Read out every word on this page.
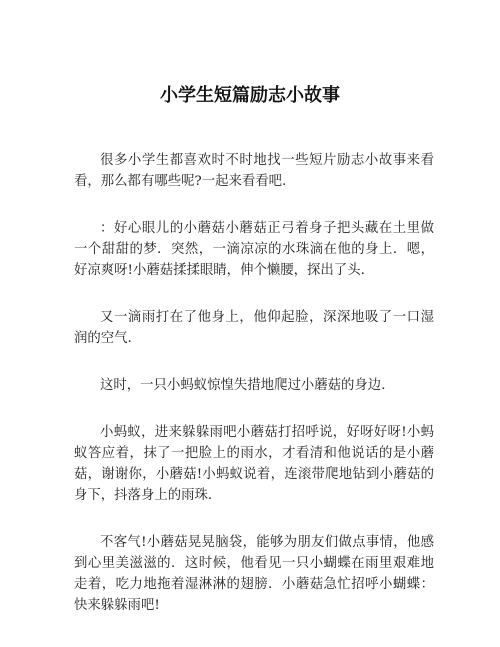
小学生短篇励志小故事

很多小学生都喜欢时不时地找一些短片励志小故事来看看，那么都有哪些呢?一起来看看吧.

：好心眼儿的小蘑菇小蘑菇正弓着身子把头藏在土里做一个甜甜的梦．突然，一滴凉凉的水珠滴在他的身上．嗯，好凉爽呀!小蘑菇揉揉眼睛，伸个懒腰，探出了头.

又一滴雨打在了他身上，他仰起脸，深深地吸了一口湿润的空气.

这时，一只小蚂蚁惊惶失措地爬过小蘑菇的身边.

小蚂蚁，进来躲躲雨吧小蘑菇打招呼说，好呀好呀!小蚂蚁答应着，抹了一把脸上的雨水，才看清和他说话的是小蘑菇，谢谢你，小蘑菇!小蚂蚁说着，连滚带爬地钻到小蘑菇的身下，抖落身上的雨珠.

不客气!小蘑菇晃晃脑袋，能够为朋友们做点事情，他感到心里美滋滋的．这时候，他看见一只小蝴蝶在雨里艰难地走着，吃力地拖着湿淋淋的翅膀．小蘑菇急忙招呼小蝴蝶：快来躲躲雨吧!
